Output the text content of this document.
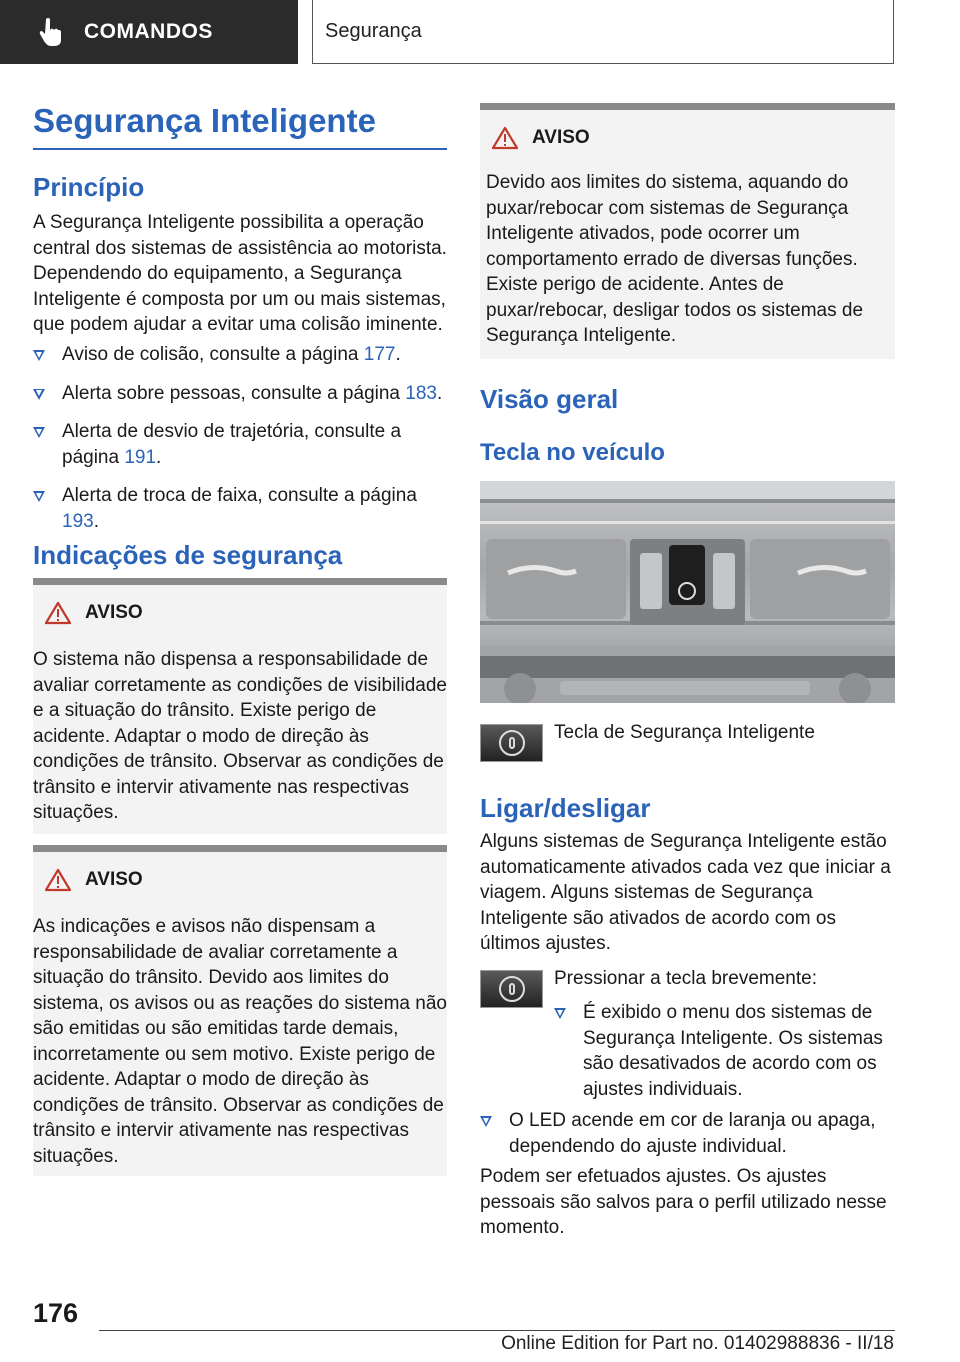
COMANDOS	Segurança
Segurança Inteligente
Princípio

A Segurança Inteligente possibilita a operação central dos sistemas de assistência ao motorista. Dependendo do equipamento, a Segurança Inteligente é composta por um ou mais sistemas, que podem ajudar a evitar uma colisão iminente.

Aviso de colisão, consulte a página 177.
Alerta sobre pessoas, consulte a página 183.
Alerta de desvio de trajetória, consulte a página 191.
Alerta de troca de faixa, consulte a página 193.
Indicações de segurança
AVISO

O sistema não dispensa a responsabilidade de avaliar corretamente as condições de visibilidade e a situação do trânsito. Existe perigo de acidente. Adaptar o modo de direção às condições de trânsito. Observar as condições de trânsito e intervir ativamente nas respectivas situações.

AVISO

As indicações e avisos não dispensam a responsabilidade de avaliar corretamente a situação do trânsito. Devido aos limites do sistema, os avisos ou as reações do sistema não são emitidas ou são emitidas tarde demais, incorretamente ou sem motivo. Existe perigo de acidente. Adaptar o modo de direção às condições de trânsito. Observar as condições de trânsito e intervir ativamente nas respectivas situações.

AVISO

Devido aos limites do sistema, aquando do puxar/rebocar com sistemas de Segurança Inteligente ativados, pode ocorrer um comportamento errado de diversas funções. Existe perigo de acidente. Antes de puxar/rebocar, desligar todos os sistemas de Segurança Inteligente.

Visão geral
Tecla no veículo

Tecla de Segurança Inteligente

Ligar/desligar

Alguns sistemas de Segurança Inteligente estão automaticamente ativados cada vez que iniciar a viagem. Alguns sistemas de Segurança Inteligente são ativados de acordo com os últimos ajustes.

Pressionar a tecla brevemente:

É exibido o menu dos sistemas de Segurança Inteligente. Os sistemas são desativados de acordo com os ajustes individuais.
O LED acende em cor de laranja ou apaga, dependendo do ajuste individual.

Podem ser efetuados ajustes. Os ajustes pessoais são salvos para o perfil utilizado nesse momento.

176
Online Edition for Part no. 01402988836 - II/18
